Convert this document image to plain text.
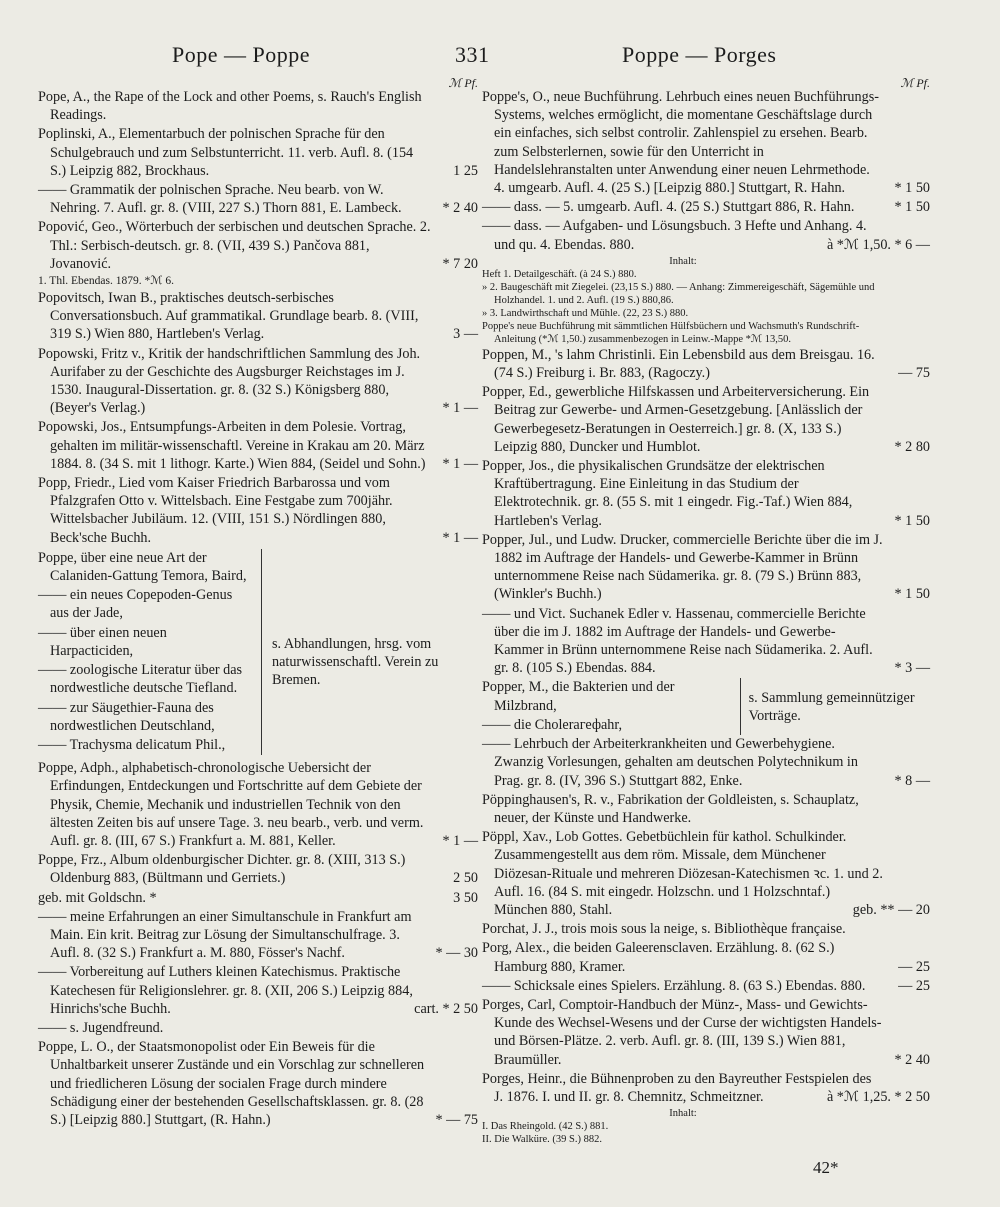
Pope — Poppe	331	Poppe — Porges
ℳ Pf.
Pope, A., the Rape of the Lock and other Poems, s. Rauch's English Readings.
Poplinski, A., Elementarbuch der polnischen Sprache für den Schulgebrauch und zum Selbstunterricht. 11. verb. Aufl. 8. (154 S.) Leipzig 882, Brockhaus.	1 25
—— Grammatik der polnischen Sprache. Neu bearb. von W. Nehring. 7. Aufl. gr. 8. (VIII, 227 S.) Thorn 881, E. Lambeck.	* 2 40
Popović, Geo., Wörterbuch der serbischen und deutschen Sprache. 2. Thl.: Serbisch-deutsch. gr. 8. (VII, 439 S.) Pančova 881, Jovanović.	* 7 20
1. Thl. Ebendas. 1879. *ℳ 6.
Popovitsch, Iwan B., praktisches deutsch-serbisches Conversationsbuch. Auf grammatikal. Grundlage bearb. 8. (VIII, 319 S.) Wien 880, Hartleben's Verlag.	3 —
Popowski, Fritz v., Kritik der handschriftlichen Sammlung des Joh. Aurifaber zu der Geschichte des Augsburger Reichstages im J. 1530. Inaugural-Dissertation. gr. 8. (32 S.) Königsberg 880, (Beyer's Verlag.)	* 1 —
Popowski, Jos., Entsumpfungs-Arbeiten in dem Polesie. Vortrag, gehalten im militär-wissenschaftl. Vereine in Krakau am 20. März 1884. 8. (34 S. mit 1 lithogr. Karte.) Wien 884, (Seidel und Sohn.) * 1 —
Popp, Friedr., Lied vom Kaiser Friedrich Barbarossa und vom Pfalzgrafen Otto v. Wittelsbach. Eine Festgabe zum 700jähr. Wittelsbacher Jubiläum. 12. (VIII, 151 S.) Nördlingen 880, Beck'sche Buchh.	* 1 —
Poppe, über eine neue Art der Calaniden-Gattung Temora, Baird,
—— ein neues Copepoden-Genus aus der Jade,
—— über einen neuen Harpacticiden,
—— zoologische Literatur über das nordwestliche deutsche Tiefland.
—— zur Säugethier-Fauna des nordwestlichen Deutschland,
—— Trachysma delicatum Phil.,
s. Abhandlungen, hrsg. vom naturwissenschaftl. Verein zu Bremen.
Poppe, Adph., alphabetisch-chronologische Uebersicht der Erfindungen, Entdeckungen und Fortschritte auf dem Gebiete der Physik, Chemie, Mechanik und industriellen Technik von den ältesten Zeiten bis auf unsere Tage. 3. neu bearb., verb. und verm. Aufl. gr. 8. (III, 67 S.) Frankfurt a. M. 881, Keller.	* 1 —
Poppe, Frz., Album oldenburgischer Dichter. gr. 8. (XIII, 313 S.) Oldenburg 883, (Bültmann und Gerriets.)	2 50
geb. mit Goldschn. *	3 50
—— meine Erfahrungen an einer Simultanschule in Frankfurt am Main. Ein krit. Beitrag zur Lösung der Simultanschulfrage. 3. Aufl. 8. (32 S.) Frankfurt a. M. 880, Fösser's Nachf.	* — 30
—— Vorbereitung auf Luthers kleinen Katechismus. Praktische Katechesen für Religionslehrer. gr. 8. (XII, 206 S.) Leipzig 884, Hinrichs'sche Buchh.	cart. * 2 50
—— s. Jugendfreund.
Poppe, L. O., der Staatsmonopolist oder Ein Beweis für die Unhaltbarkeit unserer Zustände und ein Vorschlag zur schnelleren und friedlicheren Lösung der socialen Frage durch mindere Schädigung einer der bestehenden Gesellschaftsklassen. gr. 8. (28 S.) [Leipzig 880.] Stuttgart, (R. Hahn.)	* — 75
ℳ Pf.
Poppe's, O., neue Buchführung. Lehrbuch eines neuen Buchführungs-Systems, welches ermöglicht, die momentane Geschäftslage durch ein einfaches, sich selbst controlir. Zahlenspiel zu ersehen. Bearb. zum Selbsterlernen, sowie für den Unterricht in Handelslehranstalten unter Anwendung einer neuen Lehrmethode. 4. umgearb. Aufl. 4. (25 S.) [Leipzig 880.] Stuttgart, R. Hahn.	* 1 50
—— dass. — 5. umgearb. Aufl. 4. (25 S.) Stuttgart 886, R. Hahn.	* 1 50
—— dass. — Aufgaben- und Lösungsbuch. 3 Hefte und Anhang. 4. und qu. 4. Ebendas. 880.	à *ℳ 1,50. * 6 —
Inhalt:
Heft 1. Detailgeschäft. (à 24 S.) 880.
» 2. Baugeschäft mit Ziegelei. (23,15 S.) 880. — Anhang: Zimmereigeschäft, Sägemühle und Holzhandel. 1. und 2. Aufl. (19 S.) 880,86.
» 3. Landwirthschaft und Mühle. (22, 23 S.) 880.
Poppe's neue Buchführung mit sämmtlichen Hülfsbüchern und Wachsmuth's Rundschrift-Anleitung (*ℳ 1,50.) zusammenbezogen in Leinw.-Mappe *ℳ 13,50.
Poppen, M., 's lahm Christinli. Ein Lebensbild aus dem Breisgau. 16. (74 S.) Freiburg i. Br. 883, (Ragoczy.)	— 75
Popper, Ed., gewerbliche Hilfskassen und Arbeiterversicherung. Ein Beitrag zur Gewerbe- und Armen-Gesetzgebung. [Anlässlich der Gewerbegesetz-Beratungen in Oesterreich.] gr. 8. (X, 133 S.) Leipzig 880, Duncker und Humblot.	* 2 80
Popper, Jos., die physikalischen Grundsätze der elektrischen Kraftübertragung. Eine Einleitung in das Studium der Elektrotechnik. gr. 8. (55 S. mit 1 eingedr. Fig.-Taf.) Wien 884, Hartleben's Verlag.	* 1 50
Popper, Jul., und Ludw. Drucker, commercielle Berichte über die im J. 1882 im Auftrage der Handels- und Gewerbe-Kammer in Brünn unternommene Reise nach Südamerika. gr. 8. (79 S.) Brünn 883, (Winkler's Buchh.)	* 1 50
—— und Vict. Suchanek Edler v. Hassenau, commercielle Berichte über die im J. 1882 im Auftrage der Handels- und Gewerbe-Kammer in Brünn unternommene Reise nach Südamerika. 2. Aufl. gr. 8. (105 S.) Ebendas. 884.	* 3 —
Popper, M., die Bakterien und der Milzbrand,
—— die Cholerагефahr,
s. Sammlung gemeinnütziger Vorträge.
—— Lehrbuch der Arbeiterkrankheiten und Gewerbehygiene. Zwanzig Vorlesungen, gehalten am deutschen Polytechnikum in Prag. gr. 8. (IV, 396 S.) Stuttgart 882, Enke.	* 8 —
Pöppinghausen's, R. v., Fabrikation der Goldleisten, s. Schauplatz, neuer, der Künste und Handwerke.
Pöppl, Xav., Lob Gottes. Gebetbüchlein für kathol. Schulkinder. Zusammengestellt aus dem röm. Missale, dem Münchener Diözesan-Rituale und mehreren Diözesan-Katechismen ꝛc. 1. und 2. Aufl. 16. (84 S. mit eingedr. Holzschn. und 1 Holzschntaf.) München 880, Stahl.	geb. ** — 20
Porchat, J. J., trois mois sous la neige, s. Bibliothèque française.
Porg, Alex., die beiden Galeerensclaven. Erzählung. 8. (62 S.) Hamburg 880, Kramer.	— 25
—— Schicksale eines Spielers. Erzählung. 8. (63 S.) Ebendas. 880. — 25
Porges, Carl, Comptoir-Handbuch der Münz-, Mass- und Gewichts-Kunde des Wechsel-Wesens und der Curse der wichtigsten Handels- und Börsen-Plätze. 2. verb. Aufl. gr. 8. (III, 139 S.) Wien 881, Braumüller.	* 2 40
Porges, Heinr., die Bühnenproben zu den Bayreuther Festspielen des J. 1876. I. und II. gr. 8. Chemnitz, Schmeitzner.	à *ℳ 1,25. * 2 50
Inhalt:
I. Das Rheingold. (42 S.) 881.
II. Die Walküre. (39 S.) 882.
42*
